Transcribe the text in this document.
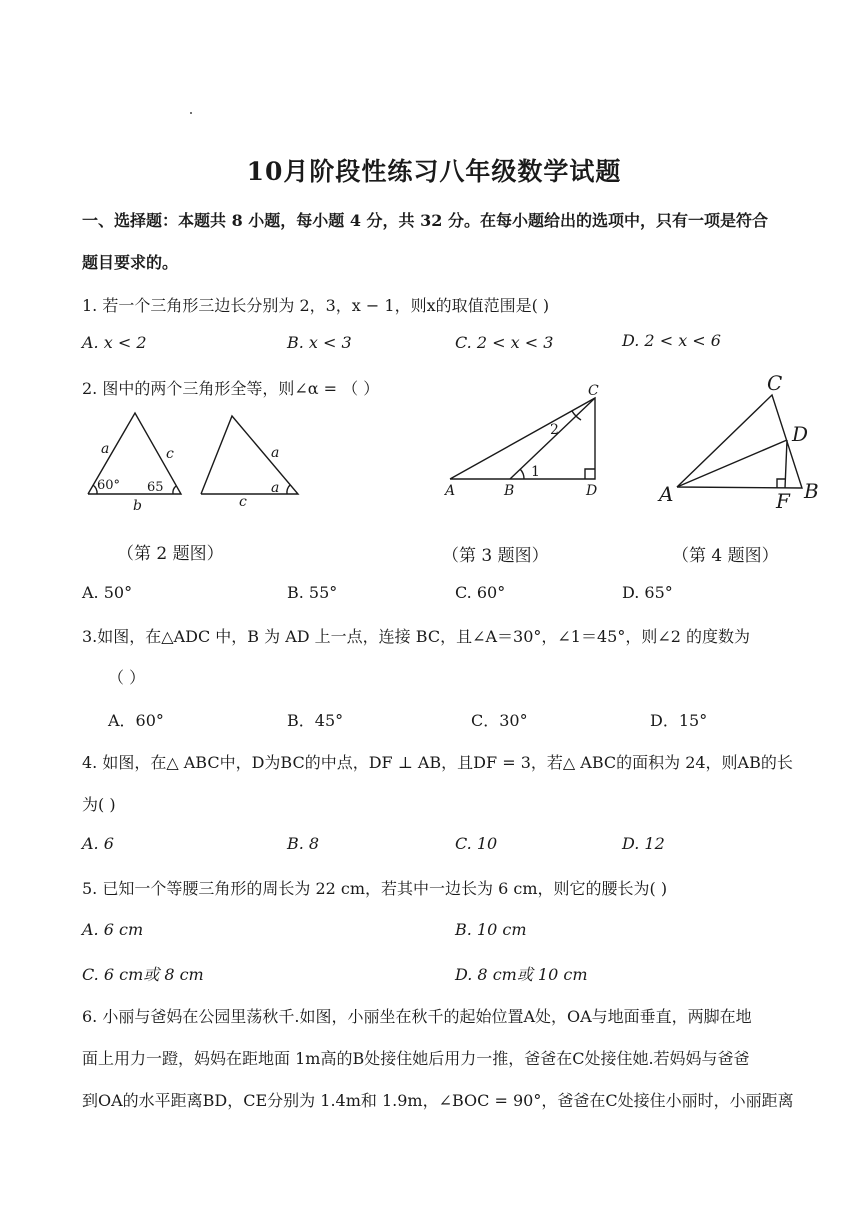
10月阶段性练习八年级数学试题
一、选择题：本题共 8 小题，每小题 4 分，共 32 分。在每小题给出的选项中，只有一项是符合
题目要求的。
1. 若一个三角形三边长分别为 2，3，x − 1，则x的取值范围是( )
A. x < 2	B. x < 3	C. 2 < x < 3	D. 2 < x < 6
2. 图中的两个三角形全等，则∠α = （ ）
a	c
60° 65
b
a
a
c
C
2
1
A	B	D
C
D
A	F B
（第 2 题图）	（第 3 题图）	（第 4 题图）
A. 50°	B. 55°	C. 60°	D. 65°
3.如图，在△ADC 中，B 为 AD 上一点，连接 BC，且∠A＝30°，∠1＝45°，则∠2 的度数为
（ ）
A．60°	B．45°	C．30°	D．15°
4. 如图，在△ ABC中，D为BC的中点，DF ⊥ AB，且DF = 3，若△ ABC的面积为 24，则AB的长
为( )
A. 6	B. 8	C. 10	D. 12
5. 已知一个等腰三角形的周长为 22 cm，若其中一边长为 6 cm，则它的腰长为( )
A. 6 cm	B. 10 cm
C. 6 cm或 8 cm	D. 8 cm或 10 cm
6. 小丽与爸妈在公园里荡秋千.如图，小丽坐在秋千的起始位置A处，OA与地面垂直，两脚在地
面上用力一蹬，妈妈在距地面 1m高的B处接住她后用力一推，爸爸在C处接住她.若妈妈与爸爸
到OA的水平距离BD，CE分别为 1.4m和 1.9m，∠BOC = 90°，爸爸在C处接住小丽时，小丽距离
